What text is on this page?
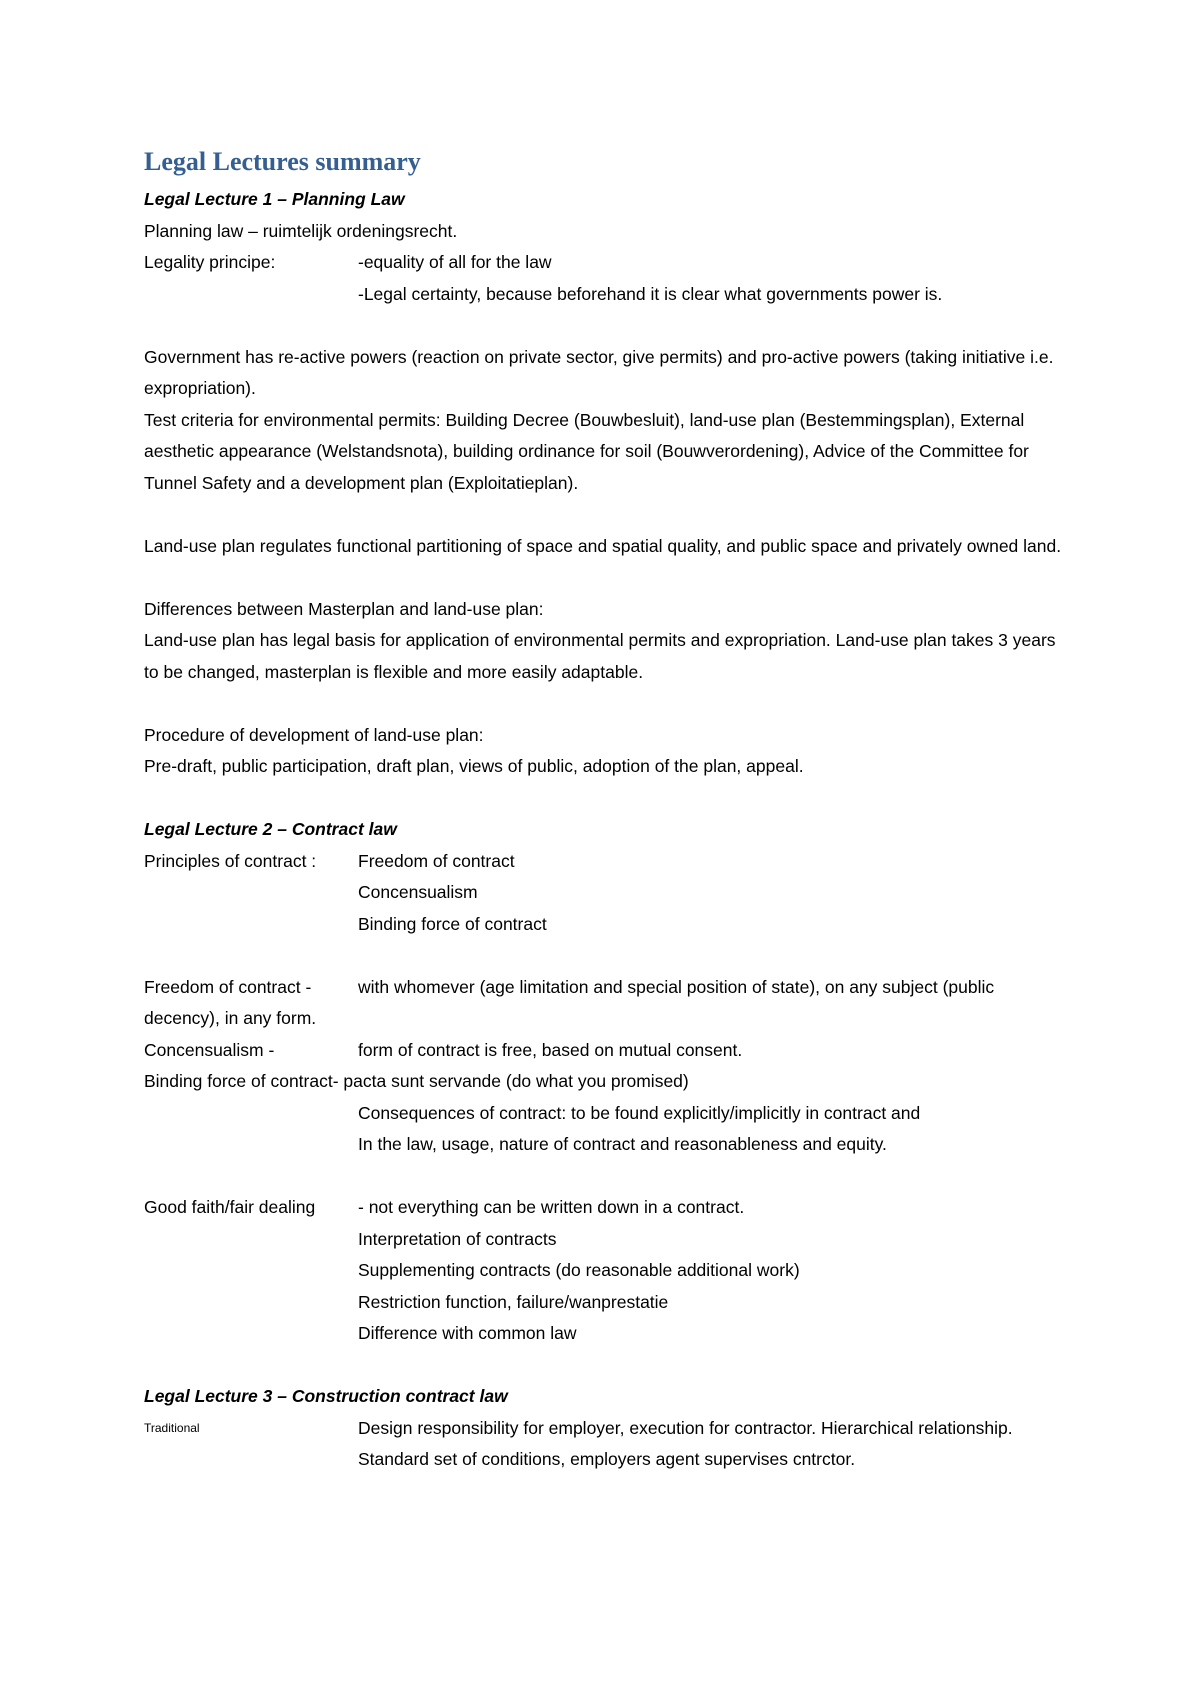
Legal Lectures summary

Legal Lecture 1 – Planning Law

Planning law – ruimtelijk ordeningsrecht.

Legality principe:	-equality of all for the law

-Legal certainty, because beforehand it is clear what governments power is.

Government has re-active powers (reaction on private sector, give permits) and pro-active powers (taking initiative i.e. expropriation).

Test criteria for environmental permits: Building Decree (Bouwbesluit), land-use plan (Bestemmingsplan), External aesthetic appearance (Welstandsnota), building ordinance for soil (Bouwverordening), Advice of the Committee for Tunnel Safety and a development plan (Exploitatieplan).

Land-use plan regulates functional partitioning of space and spatial quality, and public space and privately owned land.

Differences between Masterplan and land-use plan:

Land-use plan has legal basis for application of environmental permits and expropriation. Land-use plan takes 3 years to be changed, masterplan is flexible and more easily adaptable.

Procedure of development of land-use plan:

Pre-draft, public participation, draft plan, views of public, adoption of the plan, appeal.

Legal Lecture 2 – Contract law

Principles of contract :	Freedom of contract

Concensualism

Binding force of contract

Freedom of contract -	with whomever (age limitation and special position of state), on any subject (public decency), in any form.

Concensualism -	form of contract is free, based on mutual consent.

Binding force of contract- pacta sunt servande (do what you promised)

Consequences of contract: to be found explicitly/implicitly in contract and

In the law, usage, nature of contract and reasonableness and equity.

Good faith/fair dealing	- not everything can be written down in a contract.

Interpretation of contracts

Supplementing contracts (do reasonable additional work)

Restriction function, failure/wanprestatie

Difference with common law

Legal Lecture 3 – Construction contract law

Traditional	Design responsibility for employer, execution for contractor. Hierarchical relationship. Standard set of conditions, employers agent supervises cntrctor.
